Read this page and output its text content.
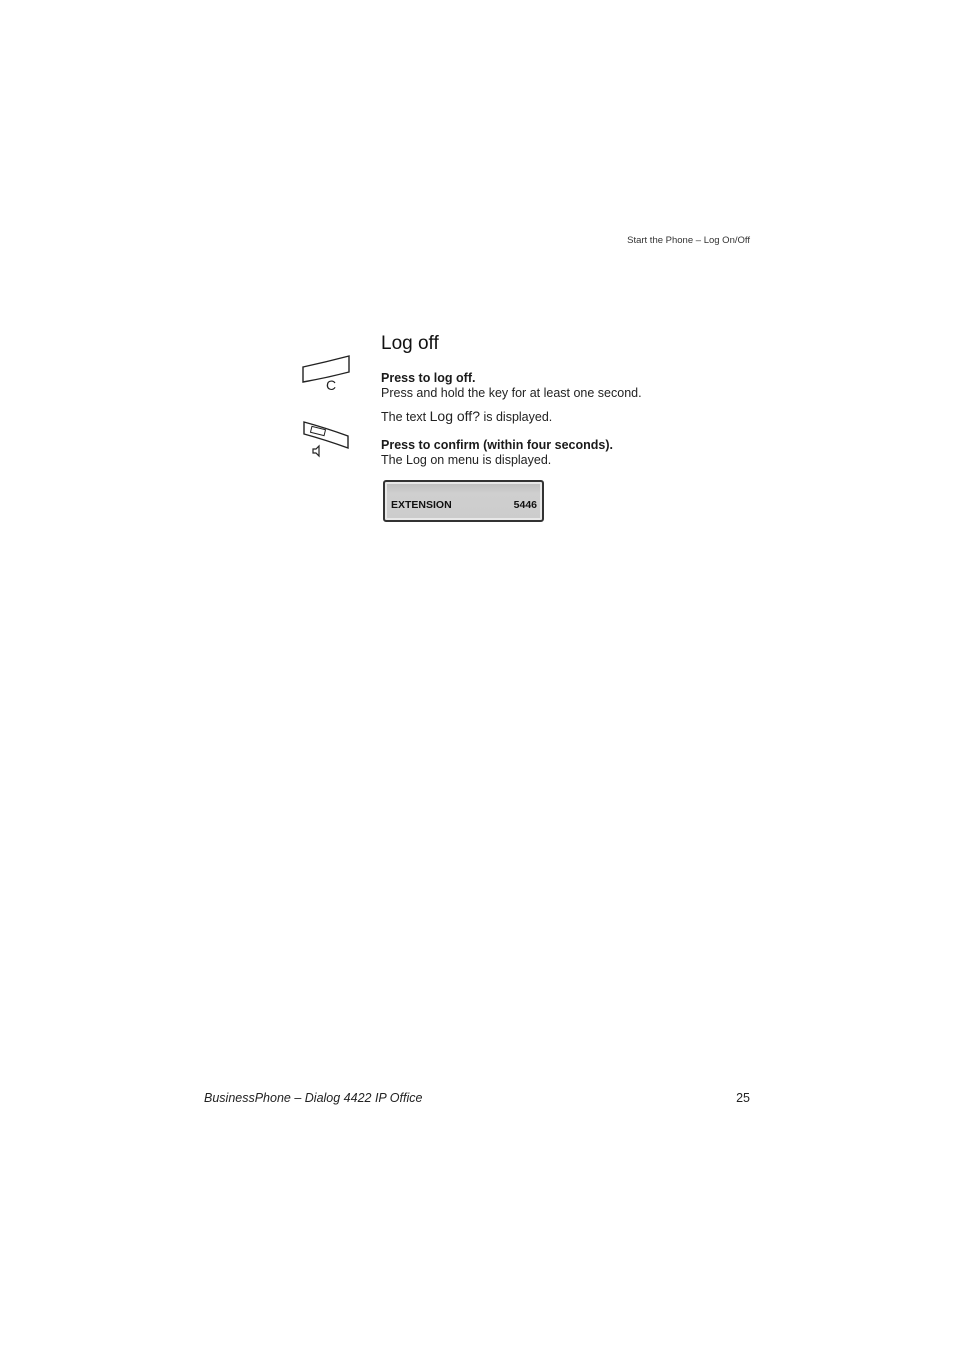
Start the Phone – Log On/Off
Log off
C	Press to log off.
Press and hold the key for at least one second.
The text Log off? is displayed.
Press to confirm (within four seconds).
The Log on menu is displayed.
EXTENSION	5446
BusinessPhone – Dialog 4422 IP Office	25
